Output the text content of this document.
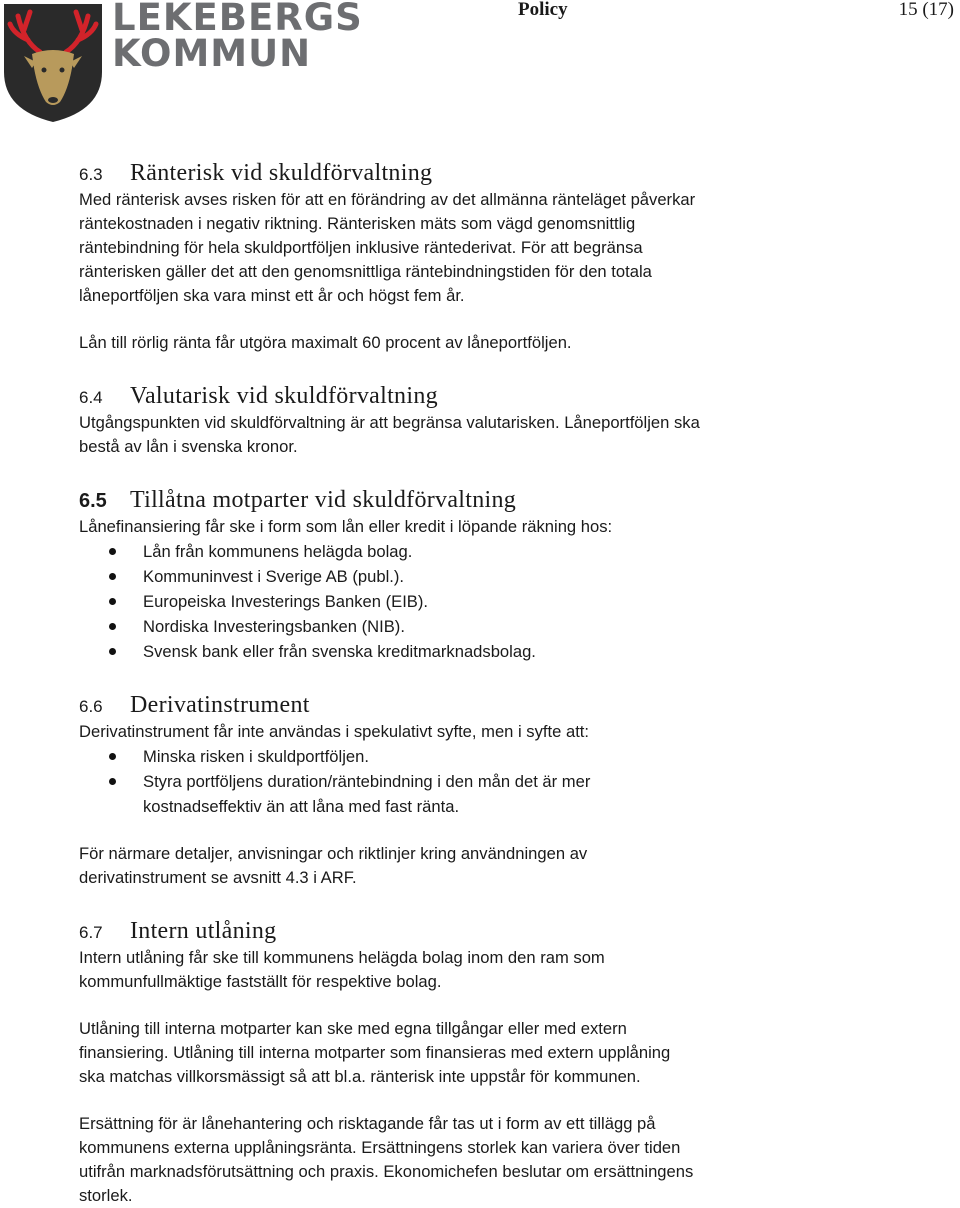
LEKEBERGS
KOMMUN
Policy	15 (17)
6.3 Ränterisk vid skuldförvaltning

Med ränterisk avses risken för att en förändring av det allmänna ränteläget påverkar
räntekostnaden i negativ riktning. Ränterisken mäts som vägd genomsnittlig
räntebindning för hela skuldportföljen inklusive räntederivat. För att begränsa
ränterisken gäller det att den genomsnittliga räntebindningstiden för den totala
låneportföljen ska vara minst ett år och högst fem år.

Lån till rörlig ränta får utgöra maximalt 60 procent av låneportföljen.

6.4 Valutarisk vid skuldförvaltning

Utgångspunkten vid skuldförvaltning är att begränsa valutarisken. Låneportföljen ska
bestå av lån i svenska kronor.

6.5 Tillåtna motparter vid skuldförvaltning

Lånefinansiering får ske i form som lån eller kredit i löpande räkning hos:

Lån från kommunens helägda bolag.
Kommuninvest i Sverige AB (publ.).
Europeiska Investerings Banken (EIB).
Nordiska Investeringsbanken (NIB).
Svensk bank eller från svenska kreditmarknadsbolag.
6.6 Derivatinstrument

Derivatinstrument får inte användas i spekulativt syfte, men i syfte att:

Minska risken i skuldportföljen.
Styra portföljens duration/räntebindning i den mån det är mer
kostnadseffektiv än att låna med fast ränta.

För närmare detaljer, anvisningar och riktlinjer kring användningen av
derivatinstrument se avsnitt 4.3 i ARF.

6.7 Intern utlåning

Intern utlåning får ske till kommunens helägda bolag inom den ram som
kommunfullmäktige fastställt för respektive bolag.

Utlåning till interna motparter kan ske med egna tillgångar eller med extern
finansiering. Utlåning till interna motparter som finansieras med extern upplåning
ska matchas villkorsmässigt så att bl.a. ränterisk inte uppstår för kommunen.

Ersättning för är lånehantering och risktagande får tas ut i form av ett tillägg på
kommunens externa upplåningsränta. Ersättningens storlek kan variera över tiden
utifrån marknadsförutsättning och praxis. Ekonomichefen beslutar om ersättningens
storlek.
